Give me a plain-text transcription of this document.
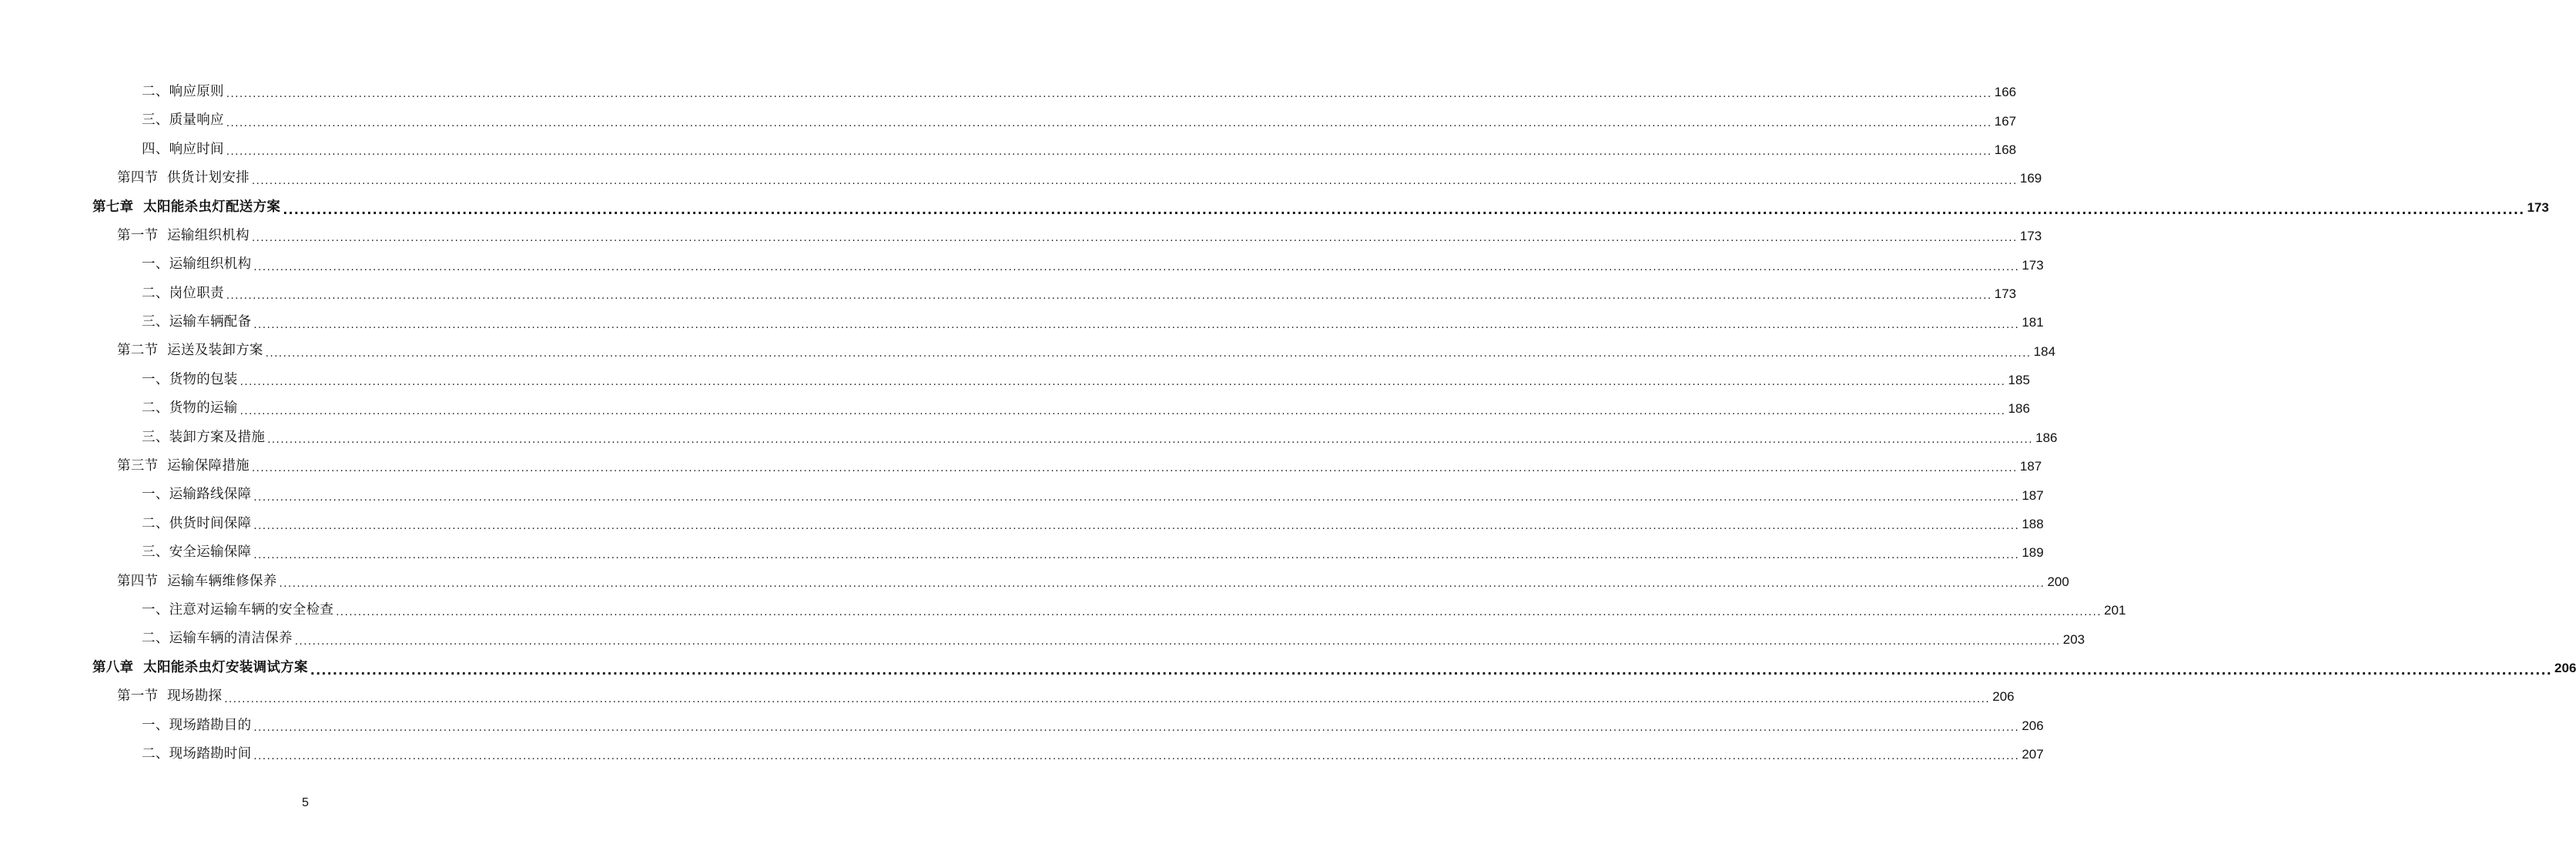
二、响应原则 ................................................................................................................................................................................................................................................................................................................................................................................................................ 166
三、质量响应 ................................................................................................................................................................................................................................................................................................................................................................................................................ 167
四、响应时间 ................................................................................................................................................................................................................................................................................................................................................................................................................ 168
第四节  供货计划安排 ................................................................................................................................................................................................................................................................................................................................................................................................................ 169
第七章  太阳能杀虫灯配送方案 ................................................................................................................................................................................................................................................................................................................................................................................................................ 173
第一节  运输组织机构 ................................................................................................................................................................................................................................................................................................................................................................................................................ 173
一、运输组织机构 ................................................................................................................................................................................................................................................................................................................................................................................................................ 173
二、岗位职责 ................................................................................................................................................................................................................................................................................................................................................................................................................ 173
三、运输车辆配备 ................................................................................................................................................................................................................................................................................................................................................................................................................ 181
第二节  运送及装卸方案 ................................................................................................................................................................................................................................................................................................................................................................................................................ 184
一、货物的包装 ................................................................................................................................................................................................................................................................................................................................................................................................................ 185
二、货物的运输 ................................................................................................................................................................................................................................................................................................................................................................................................................ 186
三、装卸方案及措施 ................................................................................................................................................................................................................................................................................................................................................................................................................ 186
第三节  运输保障措施 ................................................................................................................................................................................................................................................................................................................................................................................................................ 187
一、运输路线保障 ................................................................................................................................................................................................................................................................................................................................................................................................................ 187
二、供货时间保障 ................................................................................................................................................................................................................................................................................................................................................................................................................ 188
三、安全运输保障 ................................................................................................................................................................................................................................................................................................................................................................................................................ 189
第四节  运输车辆维修保养 ................................................................................................................................................................................................................................................................................................................................................................................................................ 200
一、注意对运输车辆的安全检查 ................................................................................................................................................................................................................................................................................................................................................................................................................ 201
二、运输车辆的清洁保养 ................................................................................................................................................................................................................................................................................................................................................................................................................ 203
第八章  太阳能杀虫灯安装调试方案 ................................................................................................................................................................................................................................................................................................................................................................................................................ 206
第一节  现场勘探 ................................................................................................................................................................................................................................................................................................................................................................................................................ 206
一、现场踏勘目的 ................................................................................................................................................................................................................................................................................................................................................................................................................ 206
二、现场踏勘时间 ................................................................................................................................................................................................................................................................................................................................................................................................................ 207
5
